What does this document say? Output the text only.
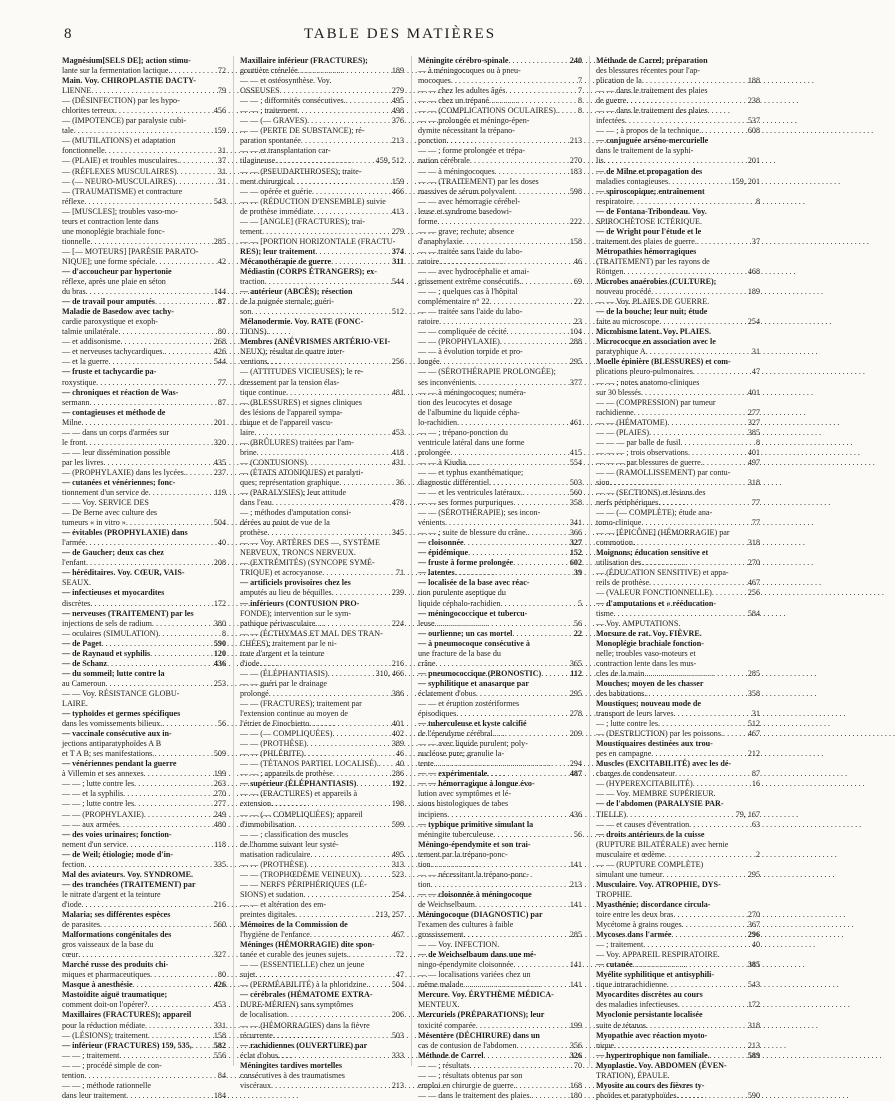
8	TABLE DES MATIÈRES
Magnésium[SELS DE]; action stimu-
lante sur la fermentation lactique. . . .	72
Main. Voy. CHIROPLASTIE DACTY-
LIENNE . . .	79
— (DÉSINFECTION) par les hypo-
chlorites terreux . . .	456
— (IMPOTENCE) par paralysie cubi-
tale . . .	159
— (MUTILATIONS) et adaptation
fonctionnelle . . .	31
— (PLAIE) et troubles musculaires. . . .	37
— (RÉFLEXES MUSCULAIRES) . . .	31
— (— NEURO-MUSCULAIRES) . . .	31
— (TRAUMATISME) et contracture
réflexe . . .	543
— [MUSCLES]; troubles vaso-mo-
teurs et contraction lente dans
une monoplégie brachiale fonc-
tionnelle . . .	285
— [— MOTEURS] [PARÉSIE PARATO-
NIQUE]; une forme spéciale . . .	42
— d'accoucheur par hypertonie
réflexe, après une plaie en séton
du bras . . .	144
— de travail pour amputés . . .	87
Maladie de Basedow avec tachy-
cardie paroxystique et exoph-
talmie unilatérale . . .	80
— et addisonisme . . .	268
— et nerveuses tachycardiques. . . .	426
— et la guerre . . .	544
— fruste et tachycardie pa-
roxystique . . .	77
— chroniques et réaction de Was-
sermann . . .	87
— contagieuses et méthode de
Milne . . .	201
— — dans un corps d'armées sur
le front . . .	320
— — leur dissémination possible
par les livres . . .	435
— (PROPHYLAXIE) dans les lycées. . . .	237
— cutanées et vénériennes; fonc-
tionnement d'un service de . . .	119
— — Voy. SERVICE DES
— De Berne avec culture des
tumeurs « in vitro » . . .	504
— évitables (PROPHYLAXIE) dans
l'armée . . .	40
— de Gaucher; deux cas chez
l'enfant . . .	208
— héréditaires. Voy. CŒUR, VAIS-
SEAUX.
— infectieuses et myocardites
discrètes . . .	172
— nerveuses (TRAITEMENT) par les
injections de sels de radium . . .	380
— oculaires (SIMULATION) . . .	8
— de Paget . . .	590
— de Raynaud et syphilis . . .	120
— de Schanz . . .	436
— du sommeil; lutte contre la
au Cameroun . . .	253
— — Voy. RÉSISTANCE GLOBU-
LAIRE.
— typhoïdes et germes spécifiques
dans les vomissements bilieux. . . .	56
— vaccinale consécutive aux in-
jections antiparatyphoïdes A B
et T A B; ses manifestations. . . .	509
— vénériennes pendant la guerre
à Villemin et ses annexes . . .	199
— — ; lutte contre les . . .	263
— — et la syphilis . . .	270
— — ; lutte contre les . . .	277
— — (PROPHYLAXIE) . . .	249
— — aux armées . . .	480
— des voies urinaires; fonction-
nement d'un service . . .	118
— de Weil; étiologie; mode d'in-
fection . . .	335
Mal des aviateurs. Voy. SYNDROME.
— des tranchées (TRAITEMENT) par
le nitrate d'argent et la teinture
d'iode . . .	216
Malaria; ses différentes espèces
de parasites . . .	560
Malformations congénitales des
gros vaisseaux de la base du
cœur . . .	327
Marché russe des produits chi-
miques et pharmaceutiques . . .	80
Masque à anesthésie . . .	426
Mastoïdite aiguë traumatique;
comment doit-on l'opérer? . . .	453
Maxillaires (FRACTURES); appareil
pour la réduction médiate . . .	331
— (LÉSIONS); traitement . . .	158
— inférieur (FRACTURES) 159, 535, . . .	582
— — ; traitement . . .	556
— — ; procédé simple de con-
tention . . .	84
— — ; méthode rationnelle
dans leur traitement . . .	184
Maxillaire inférieur (FRACTURES);
gouttière crénelée . . .	189
— — et ostéosynthèse. Voy.
OSSEUSES . . .	279
— — ; difformités consécutives. . . .	495
— — ; traitement . . .	498
— — (— GRAVES) . . .	376
— — (PERTE DE SUBSTANCE); ré-
paration spontanée . . .	213
— — et transplantation car-
tilagineuse . . .	459, 512
— — (PSEUDARTHROSES); traite-
ment chirurgical . . .	159
— — opérée et guérie . . .	466
— — (RÉDUCTION D'ENSEMBLE) suivie
de prothèse immédiate . . .	413
— — [ANGLE] (FRACTURES); trai-
tement . . .	279
— — [PORTION HORIZONTALE (FRACTU-
RES); leur traitement . . .	374
Mécanothérapie de guerre . . .	311
Médiastin (CORPS ÉTRANGERS); ex-
traction . . .	544
— antérieur (ABCÈS); résection
de la poignée sternale; guéri-
son . . .	512
Mélanodermie. Voy. RATE (FONC-
TIONS).
Membres (ANÉVRISMES ARTÉRIO-VEI-
NEUX); résultat de quatre inter-
ventions . . .	256
— (ATTITUDES VICIEUSES); le re-
dressement par la tension élas-
tique continue . . .	481
— (BLESSURES) et signes cliniques
des lésions de l'appareil sympa-
thique et de l'appareil vascu-
laire . . .	453
— (BRÛLURES) traitées par l'am-
brine . . .	418
— (CONTUSIONS) . . .	431
— (ÉTATS ATONIQUES) et paralyti-
ques; représentation graphique . . .	36
— (PARALYSIES); leur attitude
dans l'eau . . .	478
— ; méthodes d'amputation consi-
dérées au point de vue de la
prothèse . . .	345
— — Voy. ARTÈRES DES —, SYSTÈME
NERVEUX, TRONCS NERVEUX.
— (EXTRÉMITÉS) (SYNCOPE SYMÉ-
TRIQUE) et acrocyanose . . .	71
— artificiels provisoires chez les
amputés au lieu de béquilles . . .	239
— inférieurs (CONTUSION PRO-
FONDE); intervention sur le sym-
pathique périvasculaire . . .	224
— — (ÉCTHYMAS ET MAL DES TRAN-
CHÉES); traitement par le ni-
trate d'argent et la teinture
d'iode . . .	216
— — (ÉLÉPHANTIASIS) . . .	310, 466
— — guéri par le drainage
prolongé . . .	386
— — (FRACTURES); traitement par
l'extension continue au moyen de
l'étrier de Finochietto . . .	401
— — (— COMPLIQUÉES) . . .	402
— — (PROTHÈSE) . . .	389
— — (PHLÉBITE) . . .	46
— — (TÉTANOS PARTIEL LOCALISÉ). . . . 40
— — ; appareils de prothèse . . .	286
— supérieur (ÉLÉPHANTIASIS) . . .	192
— — (FRACTURES) et appareils à
extension . . .	198
— — (— COMPLIQUÉES); appareil
d'immobilisation . . .	599
— — ; classification des muscles
de l'homme suivant leur systé-
matisation radiculaire . . .	495
— — (PROTHÈSE) . . .	313
— — (TROPHŒDÈME VEINEUX) . . .	523
— — NERFS PÉRIPHÉRIQUES (LÉ-
SIONS) et sudation . . .	254
— — et altération des em-
preintes digitales . . .	213, 257
Mémoires de la Commission de
l'hygiène de l'enfance . . .	467
Méninges (HÉMORRAGIE) dite spon-
tanée et curable des jeunes sujets. . . .	72
— — (ESSENTIELLE) chez un jeune
sujet . . .	47
— (PERMÉABILITÉ) à la phloridzine. . . .	504
— cérébrales (HÉMATOME EXTRA-
DURE-MÉRIEN) sans symptômes
de localisation . . .	206
— — (HÉMORRAGIES) dans la fièvre
récurrente . . .	503
— rachidiennes (OUVERTURE) par
éclat d'obus . . .	333
Méningites tardives mortelles
consécutives à des traumatismes
viscéraux . . .	213
Méningite cérébro-spinale . . .	240
— à méningocoques ou à pneu-
mocoques . . .	7
— — chez les adultes âgés . . .	7
— — chez un trépané . . .	8
— — (COMPLICATIONS OCULAIRES). . . . 8
— — prolongée et méningo-épen-
dymite nécessitant la trépano-
ponction . . .	213
— — ; forme prolongée et trépa-
nation cérébrale . . .	270
— — à méningocoques . . .	183
— — (TRAITEMENT) par les doses
massives de sérum polyvalent . . .	598
— — avec hémorragie cérébel-
leuse et syndrome basedowi-
forme . . .	222
— — grave; rechute; absence
d'anaphylaxie . . .	158
— — traitée sans l'aide du labo-
ratoire . . .	46
— — avec hydrocéphalie et amai-
grissement extrême consécutifs. . . .	69
— — ; quelques cas à l'hôpital
complémentaire n° 22 . . .	22
— — traitée sans l'aide du labo-
ratoire . . .	23
— — compliquée de cécité . . .	104
— — (PROPHYLAXIE) . . .	288
— — à évolution torpide et pro-
longée . . .	295
— — (SÉROTHÉRAPIE PROLONGÉE);
ses inconvénients . . .	377
— — à méningocoques; numéra-
tion des leucocytes et dosage
de l'albumine du liquide cépha-
lo-rachidien . . .	461
— — ; trépano-ponction du
ventricule latéral dans une forme
prolongée . . .	415
— — à Kiudia . . .	554
— — et typhus exanthématique;
diagnostic différentiel . . .	503
— — et les ventricules latéraux. . . .	560
— — ses formes purpuriques . . .	358
— — (SÉROTHÉRAPIE); ses incon-
vénients . . .	341
— — ; suite de blessure du crâne. . . .	366
— cloisonnée . . .	327
— épidémique . . .	152
— fruste à forme prolongée . . .	602
— latentes . . .	39
— localisée de la base avec réac-
tion purulente aseptique du
liquide céphalo-rachidien . . .	5
— méningococcique et tubercu-
leuse . . .	56
— ourlienne; un cas mortel . . .	22
— à pneumocoque consécutive à
une fracture de la base du
crâne . . .	365
— pneumococcique (PRONOSTIC) . . .	112
— syphilitique et anasarque par
éclatement d'obus . . .	295
— — et éruption zostériformes
épisodiques . . .	278
— tuberculeuse et kyste calcifié
de l'épendyme cérébral . . .	209
— — avec liquide purulent; poly-
nucléose pure; granulie la-
tente . . .	294
— — expérimentale . . .	487
— — hémorragique à longue évo-
lution avec symptômes et lé-
sions histologiques de tabes
incipiens . . .	436
— typhique primitive simulant la
méningite tuberculeuse . . .	56
Méningo-épendymite et son trai-
tement par la trépano-ponc-
tion . . .	141
— — nécessitant la trépano-ponc-
tion . . .	213
— — cloisonnée à méningocoque
de Weichselbaum . . .	141
Méningocoque (DIAGNOSTIC) par
l'examen des cultures à faible
grossissement . . .	285
— — Voy. INFECTION.
— de Weichselbaum dans une mé-
ningo-épendymite cloisonnée . . .	141
— — localisations variées chez un
même malade . . .	141
Mercure. Voy. ÉRYTHÈME MÉDICA-
MENTEUX.
Mercuriels (PRÉPARATIONS); leur
toxicité comparée . . .	199
Mésentère (DÉCHIRURE) dans un
cas de contusion de l'abdomen . . .	356
Méthode de Carrel . . .	326
— — ; résultats . . .	70
— — ; résultats obtenus par son
emploi en chirurgie de guerre. . . .	168
— — dans le traitement des plaies. . . .	180
Méthode de Carrel; préparation
des blessures récentes pour l'ap-
plication de la . . .	188
— — dans le traitement des plaies
de guerre . . .	238
— — dans le traitement des plaies
infectées . . .	537
— — ; à propos de la technique. . . .	608
— conjuguée arséno-mercurielle
dans le traitement de la syphi-
lis . . .	201
— de Milne et propagation des
maladies contagieuses . . .	159, 201
— spiroscopique; entraînement
respiratoire . . .	8
— de Fontana-Tribondeau. Voy.
SPIROCHÈTOSE ICTÉRIQUE.
— de Wright pour l'étude et le
traitement des plaies de guerre. . . .	37
Métropathies hémorragiques
(TRAITEMENT) par les rayons de
Röntgen . . .	468
Microbes anaérobies (CULTURE);
nouveau procédé . . .	189
— — Voy. PLAIES DE GUERRE.
— de la bouche; leur nuit; étude
faite au microscope . . .	254
Microbisme latent. Voy. PLAIES.
Micrococque en association avec le
paratyphique A . . .	31
Moelle épinière (BLESSURES) et com-
plications pleuro-pulmonaires . . .	47
— — ; notes anatomo-cliniques
sur 30 blessés . . .	401
— — (COMPRESSION) par tumeur
rachidienne . . .	277
— — (HÉMATOME) . . .	327
— — (PLAIES) . . .	385
— — — par balle de fusil . . .	8
— — — ; trois observations . . .	401
— — — par blessures de guerre. . . .	497
— — (RAMOLLISSEMENT) par contu-
sion . . .	318
— — (SECTIONS) et lésions des
nerfs périphériques . . .	77
— — (— COMPLÈTE); étude ana-
tomo-clinique . . .	77
— — [ÉPICÔNE] (HÉMORRAGIE) par
commotion . . .	318
Moignons; éducation sensitive et
utilisation des . . .	270
— (ÉDUCATION SENSITIVE) et appa-
reils de prothèse . . .	467
— (VALEUR FONCTIONNELLE) . . .	256
— d'amputations et « rééducation-
tisme . . .	584
— Voy. AMPUTATIONS.
Morsure de rat. Voy. FIÈVRE.
Monoplégie brachiale fonction-
nelle; troubles vaso-moteurs et
contraction lente dans les mus-
cles de la main . . .	285
Mouches; moyen de les chasser
des habitations . . .	358
Moustiques; nouveau mode de
transport de leurs larves . . .	31
— ; lutte contre les . . .	512
— (DESTRUCTION) par les poissons. . . .	467
Moustiquaires destinées aux trou-
pes en campagne . . .	212
Muscles (EXCITABILITÉ) avec les dé-
charges de condensateur . . .	87
— (HYPEREXCITABILITÉ) . . .	16
— — Voy. MEMBRE SUPÉRIEUR.
— de l'abdomen (PARALYSIE PAR-
TIELLE) . . .	79, 167
— — et causes d'éventration . . .	63
— droits antérieurs de la cuisse
(RUPTURE BILATÉRALE) avec hernie
musculaire et œdème . . .	2
— — (RUPTURE COMPLÈTE)
simulant une tumeur . . .	295
Musculaire. Voy. ATROPHIE, DYS-
TROPHIE.
Myasthénie; discordance circula-
toire entre les deux bras . . .	270
Mycétome à grains rouges . . .	367
Mycoses dans l'armée . . .	296
— ; traitement . . .	40
— Voy. APPAREIL RESPIRATOIRE.
— cutanée . . .	385
Myélite syphilitique et antisyphili-
tique intrarachidienne . . .	543
Myocardites discrètes au cours
des maladies infectieuses . . .	172
Myoclonie persistante localisée
suite de tétanos . . .	318
Myopathie avec réaction myoto-
nique . . .	213
— hypertrophique non familiale. . . .	589
Myoplastie. Voy. ABDOMEN (ÉVEN-
TRATION), ÉPAULE.
Myosite au cours des fièvres ty-
phoïdes et paratyphoïdes . . .	590
